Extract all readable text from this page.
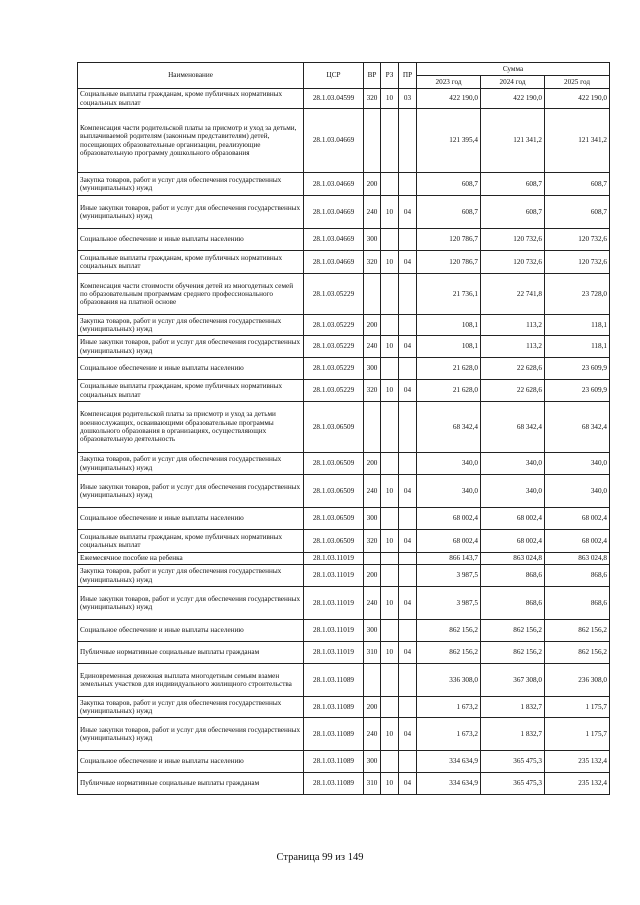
Наименование	ЦСР	ВР	РЗ	ПР	Сумма		
					2023 год	2024 год	2025 год
Социальные выплаты гражданам, кроме публичных нормативных социальных выплат	28.1.03.04599	320	10	03	422 190,0	422 190,0	422 190,0
Компенсация части родительской платы за присмотр и уход за детьми, выплачиваемой родителям (законным представителям) детей, посещающих образовательные организации, реализующие образовательную программу дошкольного образования	28.1.03.04669				121 395,4	121 341,2	121 341,2
Закупка товаров, работ и услуг для обеспечения государственных (муниципальных) нужд	28.1.03.04669	200			608,7	608,7	608,7
Иные закупки товаров, работ и услуг для обеспечения государственных (муниципальных) нужд	28.1.03.04669	240	10	04	608,7	608,7	608,7
Социальное обеспечение и иные выплаты населению	28.1.03.04669	300			120 786,7	120 732,6	120 732,6
Социальные выплаты гражданам, кроме публичных нормативных социальных выплат	28.1.03.04669	320	10	04	120 786,7	120 732,6	120 732,6
Компенсация части стоимости обучения детей из многодетных семей по образовательным программам среднего профессионального образования на платной основе	28.1.03.05229				21 736,1	22 741,8	23 728,0
Закупка товаров, работ и услуг для обеспечения государственных (муниципальных) нужд	28.1.03.05229	200			108,1	113,2	118,1
Иные закупки товаров, работ и услуг для обеспечения государственных (муниципальных) нужд	28.1.03.05229	240	10	04	108,1	113,2	118,1
Социальное обеспечение и иные выплаты населению	28.1.03.05229	300			21 628,0	22 628,6	23 609,9
Социальные выплаты гражданам, кроме публичных нормативных социальных выплат	28.1.03.05229	320	10	04	21 628,0	22 628,6	23 609,9
Компенсация родительской платы за присмотр и уход за детьми военнослужащих, осваивающими образовательные программы дошкольного образования в организациях, осуществляющих образовательную деятельность	28.1.03.06509				68 342,4	68 342,4	68 342,4
Закупка товаров, работ и услуг для обеспечения государственных (муниципальных) нужд	28.1.03.06509	200			340,0	340,0	340,0
Иные закупки товаров, работ и услуг для обеспечения государственных (муниципальных) нужд	28.1.03.06509	240	10	04	340,0	340,0	340,0
Социальное обеспечение и иные выплаты населению	28.1.03.06509	300			68 002,4	68 002,4	68 002,4
Социальные выплаты гражданам, кроме публичных нормативных социальных выплат	28.1.03.06509	320	10	04	68 002,4	68 002,4	68 002,4
Ежемесячное пособие на ребенка	28.1.03.11019				866 143,7	863 024,8	863 024,8
Закупка товаров, работ и услуг для обеспечения государственных (муниципальных) нужд	28.1.03.11019	200			3 987,5	868,6	868,6
Иные закупки товаров, работ и услуг для обеспечения государственных (муниципальных) нужд	28.1.03.11019	240	10	04	3 987,5	868,6	868,6
Социальное обеспечение и иные выплаты населению	28.1.03.11019	300			862 156,2	862 156,2	862 156,2
Публичные нормативные социальные выплаты гражданам	28.1.03.11019	310	10	04	862 156,2	862 156,2	862 156,2
Единовременная денежная выплата многодетным семьям взамен земельных участков для индивидуального жилищного строительства	28.1.03.11089				336 308,0	367 308,0	236 308,0
Закупка товаров, работ и услуг для обеспечения государственных (муниципальных) нужд	28.1.03.11089	200			1 673,2	1 832,7	1 175,7
Иные закупки товаров, работ и услуг для обеспечения государственных (муниципальных) нужд	28.1.03.11089	240	10	04	1 673,2	1 832,7	1 175,7
Социальное обеспечение и иные выплаты населению	28.1.03.11089	300			334 634,9	365 475,3	235 132,4
Публичные нормативные социальные выплаты гражданам	28.1.03.11089	310	10	04	334 634,9	365 475,3	235 132,4
Страница 99 из 149
